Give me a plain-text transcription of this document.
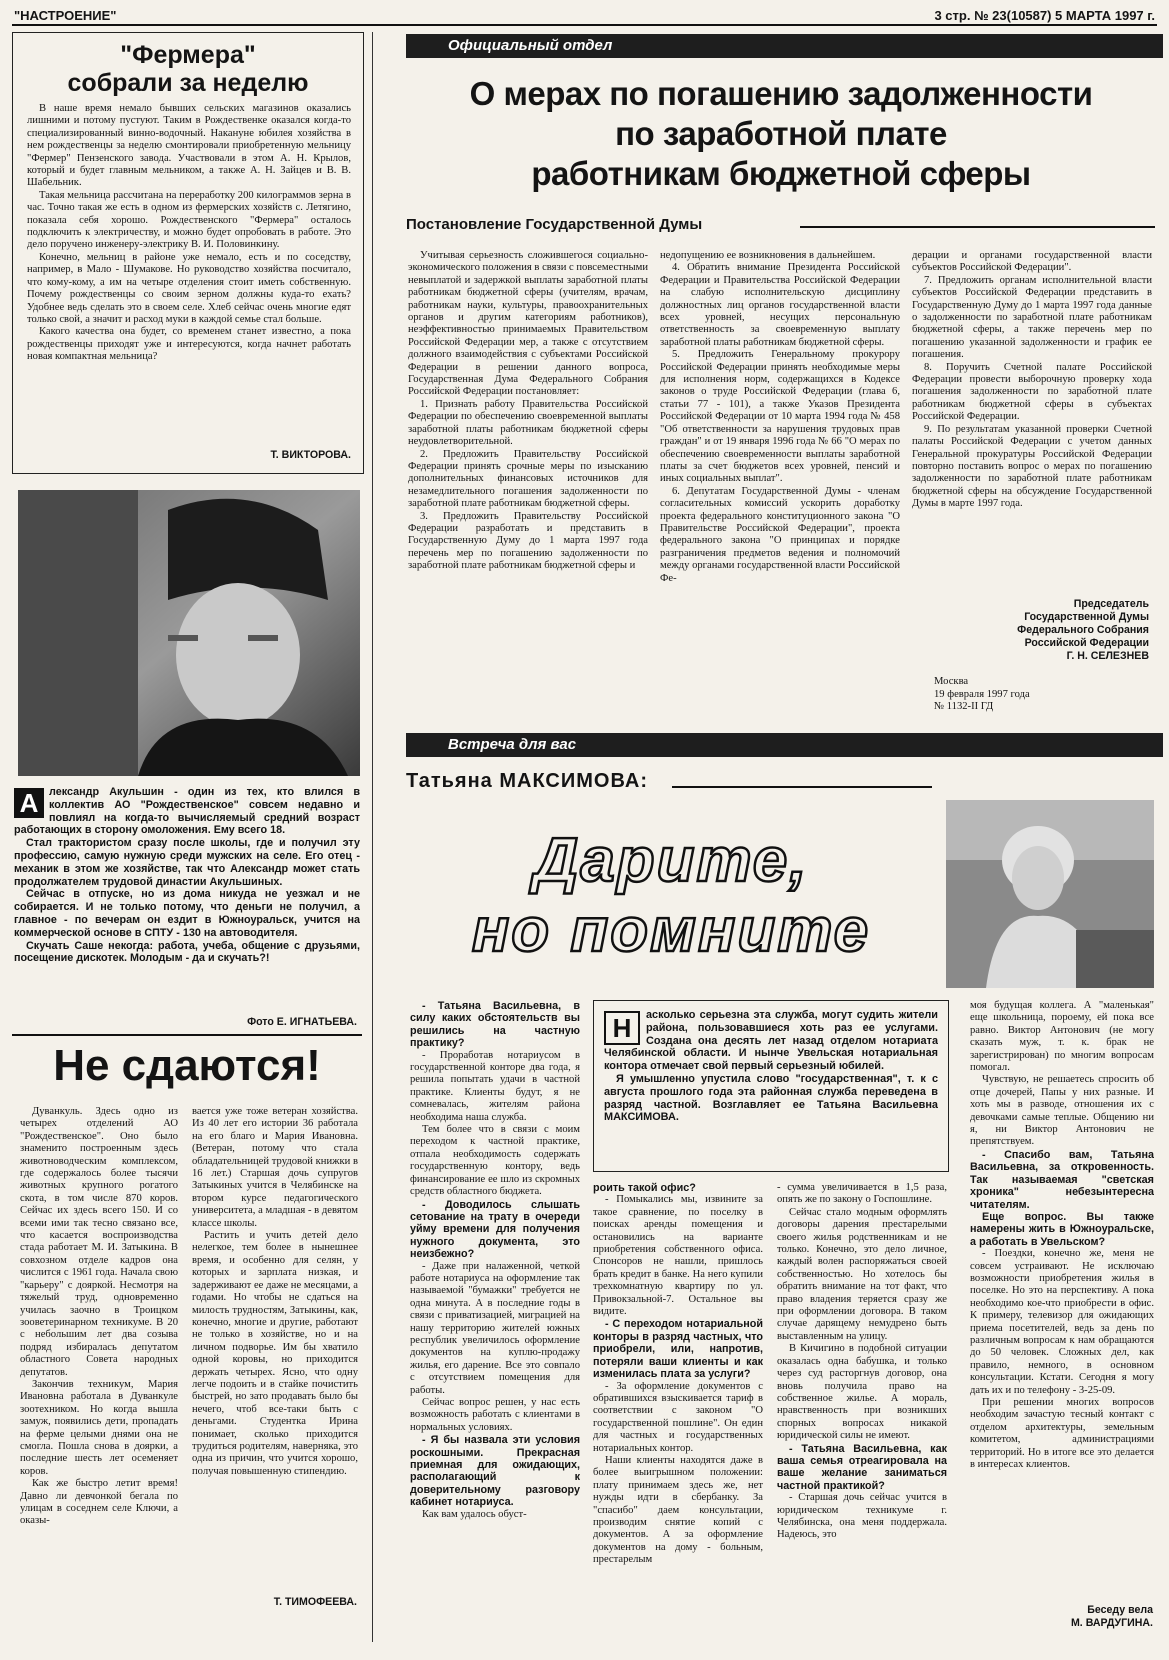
"НАСТРОЕНИЕ"	3 стр. № 23(10587) 5 МАРТА 1997 г.
"Фермера"
собрали за неделю

В наше время немало бывших сельских магазинов оказались лишними и потому пустуют. Таким в Рождественке оказался когда-то специализированный винно-водочный. Накануне юбилея хозяйства в нем рождественцы за неделю смонтировали приобретенную мельницу "Фермер" Пензенского завода. Участвовали в этом А. Н. Крылов, который и будет главным мельником, а также А. Н. Зайцев и В. В. Шабельник.

Такая мельница рассчитана на переработку 200 килограммов зерна в час. Точно такая же есть в одном из фермерских хозяйств с. Летягино, показала себя хорошо. Рождественского "Фермера" осталось подключить к электричеству, и можно будет опробовать в работе. Это дело поручено инженеру-электрику В. И. Половинкину.

Конечно, мельниц в районе уже немало, есть и по соседству, например, в Мало - Шумакове. Но руководство хозяйства посчитало, что кому-кому, а им на четыре отделения стоит иметь собственную. Почему рождественцы со своим зерном должны куда-то ехать? Удобнее ведь сделать это в своем селе. Хлеб сейчас очень многие едят только свой, а значит и расход муки в каждой семье стал больше.

Какого качества она будет, со временем станет известно, а пока рождественцы приходят уже и интересуются, когда начнет работать новая компактная мельница?

Т. ВИКТОРОВА.
А лександр Акульшин - один из тех, кто влился в коллектив АО "Рождественское" совсем недавно и повлиял на когда-то вычисляемый средний возраст работающих в сторону омоложения. Ему всего 18.

Стал трактористом сразу после школы, где и получил эту профессию, самую нужную среди мужских на селе. Его отец - механик в этом же хозяйстве, так что Александр может стать продолжателем трудовой династии Акульшиных.

Сейчас в отпуске, но из дома никуда не уезжал и не собирается. И не только потому, что деньги не получил, а главное - по вечерам он ездит в Южноуральск, учится на коммерческой основе в СПТУ - 130 на автоводителя.

Скучать Саше некогда: работа, учеба, общение с друзьями, посещение дискотек. Молодым - да и скучать?!

Фото Е. ИГНАТЬЕВА.
Не сдаются!

Дуванкуль. Здесь одно из четырех отделений АО "Рождественское". Оно было знаменито построенным здесь животноводческим комплексом, где содержалось более тысячи животных крупного рогатого скота, в том числе 870 коров. Сейчас их здесь всего 150. И со всеми ими так тесно связано все, что касается воспроизводства стада работает М. И. Затыкина. В совхозном отделе кадров она числится с 1961 года. Начала свою "карьеру" с дояркой. Несмотря на тяжелый труд, одновременно училась заочно в Троицком зооветеринарном техникуме. В 20 с небольшим лет два созыва подряд избиралась депутатом областного Совета народных депутатов.

Закончив техникум, Мария Ивановна работала в Дуванкуле зоотехником. Но когда вышла замуж, появились дети, пропадать на ферме целыми днями она не смогла. Пошла снова в доярки, а последние шесть лет осеменяет коров.

Как же быстро летит время! Давно ли девчонкой бегала по улицам в соседнем селе Ключи, а оказы-

вается уже тоже ветеран хозяйства. Из 40 лет его истории 36 работала на его благо и Мария Ивановна. (Ветеран, потому что стала обладательницей трудовой книжки в 16 лет.) Старшая дочь супругов Затыкиных учится в Челябинске на втором курсе педагогического университета, а младшая - в девятом классе школы.

Растить и учить детей дело нелегкое, тем более в нынешнее время, и особенно для селян, у которых и зарплата низкая, и задерживают ее даже не месяцами, а годами. Но чтобы не сдаться на милость трудностям, Затыкины, как, конечно, многие и другие, работают не только в хозяйстве, но и на личном подворье. Им бы хватило одной коровы, но приходится держать четырех. Ясно, что одну легче подоить и в стайке почистить быстрей, но зато продавать было бы нечего, чтоб все-таки быть с деньгами. Студентка Ирина понимает, сколько приходится трудиться родителям, наверняка, это одна из причин, что учится хорошо, получая повышенную стипендию.

Т. ТИМОФЕЕВА.
Официальный отдел
О мерах по погашению задолженности
по заработной плате
работникам бюджетной сферы
Постановление Государственной Думы

Учитывая серьезность сложившегося социально-экономического положения в связи с повсеместными невыплатой и задержкой выплаты заработной платы работникам бюджетной сферы (учителям, врачам, работникам науки, культуры, правоохранительных органов и другим категориям работников), неэффективностью принимаемых Правительством Российской Федерации мер, а также с отсутствием должного взаимодействия с субъектами Российской Федерации в решении данного вопроса, Государственная Дума Федерального Собрания Российской Федерации постановляет:

1. Признать работу Правительства Российской Федерации по обеспечению своевременной выплаты заработной платы работникам бюджетной сферы неудовлетворительной.

2. Предложить Правительству Российской Федерации принять срочные меры по изысканию дополнительных финансовых источников для незамедлительного погашения задолженности по заработной плате работникам бюджетной сферы.

3. Предложить Правительству Российской Федерации разработать и представить в Государственную Думу до 1 марта 1997 года перечень мер по погашению задолженности по заработной плате работникам бюджетной сферы и

недопущению ее возникновения в дальнейшем.

4. Обратить внимание Президента Российской Федерации и Правительства Российской Федерации на слабую исполнительскую дисциплину должностных лиц органов государственной власти всех уровней, несущих персональную ответственность за своевременную выплату заработной платы работникам бюджетной сферы.

5. Предложить Генеральному прокурору Российской Федерации принять необходимые меры для исполнения норм, содержащихся в Кодексе законов о труде Российской Федерации (глава 6, статьи 77 - 101), а также Указов Президента Российской Федерации от 10 марта 1994 года № 458 "Об ответственности за нарушения трудовых прав граждан" и от 19 января 1996 года № 66 "О мерах по обеспечению своевременности выплаты заработной платы за счет бюджетов всех уровней, пенсий и иных социальных выплат".

6. Депутатам Государственной Думы - членам согласительных комиссий ускорить доработку проекта федерального конституционного закона "О Правительстве Российской Федерации", проекта федерального закона "О принципах и порядке разграничения предметов ведения и полномочий между органами государственной власти Российской Фе-

дерации и органами государственной власти субъектов Российской Федерации".

7. Предложить органам исполнительной власти субъектов Российской Федерации представить в Государственную Думу до 1 марта 1997 года данные о задолженности по заработной плате работникам бюджетной сферы, а также перечень мер по погашению указанной задолженности и график ее погашения.

8. Поручить Счетной палате Российской Федерации провести выборочную проверку хода погашения задолженности по заработной плате работникам бюджетной сферы в субъектах Российской Федерации.

9. По результатам указанной проверки Счетной палаты Российской Федерации с учетом данных Генеральной прокуратуры Российской Федерации повторно поставить вопрос о мерах по погашению задолженности по заработной плате работникам бюджетной сферы на обсуждение Государственной Думы в марте 1997 года.

Председатель
Государственной Думы
Федерального Собрания
Российской Федерации
Г. Н. СЕЛЕЗНЕВ
Москва
19 февраля 1997 года
№ 1132-II ГД
Встреча для вас
Татьяна МАКСИМОВА:
Дарите,
но помните
Н	асколько серьезна эта служба, могут судить жители района, пользовавшиеся хоть раз ее услугами. Создана она десять лет назад отделом нотариата Челябинской области. И нынче Увельская нотариальная контора отмечает свой первый серьезный юбилей.

Я умышленно упустила слово "государственная", т. к с августа прошлого года эта районная служба переведена в разряд частной. Возглавляет ее Татьяна Васильевна МАКСИМОВА.

- Татьяна Васильевна, в силу каких обстоятельств вы решились на частную практику?

- Проработав нотариусом в государственной конторе два года, я решила попытать удачи в частной практике. Клиенты будут, я не сомневалась, жителям района необходима наша служба.

Тем более что в связи с моим переходом к частной практике, отпала необходимость содержать государственную контору, ведь финансирование ее шло из скромных средств областного бюджета.

- Доводилось слышать сетование на трату в очереди уйму времени для получения нужного документа, это неизбежно?

- Даже при налаженной, четкой работе нотариуса на оформление так называемой "бумажки" требуется не одна минута. А в последние годы в связи с приватизацией, миграцией на нашу территорию жителей южных республик увеличилось оформление документов на куплю-продажу жилья, его дарение. Все это совпало с отсутствием помещения для работы.

Сейчас вопрос решен, у нас есть возможность работать с клиентами в нормальных условиях.

- Я бы назвала эти условия роскошными. Прекрасная приемная для ожидающих, располагающий к доверительному разговору кабинет нотариуса.

Как вам удалось обуст-

роить такой офис?

- Помыкались мы, извините за такое сравнение, по поселку в поисках аренды помещения и остановились на варианте приобретения собственного офиса. Спонсоров не нашли, пришлось брать кредит в банке. На него купили трехкомнатную квартиру по ул. Привокзальной-7. Остальное вы видите.

- С переходом нотариальной конторы в разряд частных, что приобрели, или, напротив, потеряли ваши клиенты и как изменилась плата за услуги?

- За оформление документов с обратившихся взыскивается тариф в соответствии с законом "О государственной пошлине". Он един для частных и государственных нотариальных контор.

Наши клиенты находятся даже в более выигрышном положении: плату принимаем здесь же, нет нужды идти в сбербанку. За "спасибо" даем консультации, производим снятие копий с документов. А за оформление документов на дому - больным, престарелым

- сумма увеличивается в 1,5 раза, опять же по закону о Госпошлине.

Сейчас стало модным оформлять договоры дарения престарелыми своего жилья родственникам и не только. Конечно, это дело личное, каждый волен распоряжаться своей собственностью. Но хотелось бы обратить внимание на тот факт, что право владения теряется сразу же при оформлении договора. В таком случае дарящему немудрено быть выставленным на улицу.

В Кичигино в подобной ситуации оказалась одна бабушка, и только через суд расторгнув договор, она вновь получила право на собственное жилье. А мораль, нравственность при возникших спорных вопросах никакой юридической силы не имеют.

- Татьяна Васильевна, как ваша семья отреагировала на ваше желание заниматься частной практикой?

- Старшая дочь сейчас учится в юридическом техникуме г. Челябинска, она меня поддержала. Надеюсь, это

моя будущая коллега. А "маленькая" еще школьница, пороему, ей пока все равно. Виктор Антонович (не могу сказать муж, т. к. брак не зарегистрирован) по многим вопросам помогал.

Чувствую, не решаетесь спросить об отце дочерей, Папы у них разные. И хоть мы в разводе, отношения их с девочками самые теплые. Общению ни я, ни Виктор Антонович не препятствуем.

- Спасибо вам, Татьяна Васильевна, за откровенность. Так называемая "светская хроника" небезынтересна читателям.

Еще вопрос. Вы также намерены жить в Южноуральске, а работать в Увельском?

- Поездки, конечно же, меня не совсем устраивают. Не исключаю возможности приобретения жилья в поселке. Но это на перспективу. А пока необходимо кое-что приобрести в офис. К примеру, телевизор для ожидающих приема посетителей, ведь за день по различным вопросам к нам обращаются до 50 человек. Сложных дел, как правило, немного, в основном консультации. Кстати. Сегодня я могу дать их и по телефону - 3-25-09.

При решении многих вопросов необходим зачастую тесный контакт с отделом архитектуры, земельным комитетом, администрациями территорий. Но в итоге все это делается в интересах клиентов.

Беседу вела
М. ВАРДУГИНА.
